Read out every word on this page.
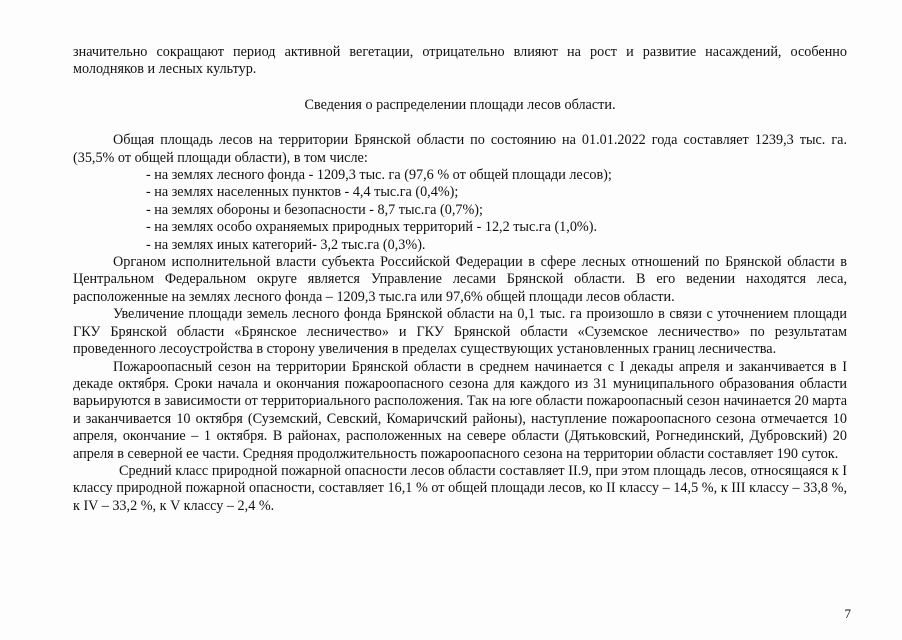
значительно сокращают период активной вегетации, отрицательно влияют на рост и развитие насаждений, особенно молодняков и лесных культур.

Сведения о распределении площади лесов области.

Общая площадь лесов на территории Брянской области по состоянию на 01.01.2022 года составляет 1239,3 тыс. га.(35,5% от общей площади области), в том числе:

- на землях лесного фонда - 1209,3 тыс. га (97,6 % от общей площади лесов);

- на землях населенных пунктов - 4,4 тыс.га (0,4%);

- на землях обороны и безопасности - 8,7 тыс.га (0,7%);

- на землях особо охраняемых природных территорий - 12,2 тыс.га (1,0%).

- на землях иных категорий- 3,2 тыс.га (0,3%).

Органом исполнительной власти субъекта Российской Федерации в сфере лесных отношений по Брянской области в Центральном Федеральном округе является Управление лесами Брянской области. В его ведении находятся леса, расположенные на землях лесного фонда – 1209,3 тыс.га или 97,6% общей площади лесов области.

Увеличение площади земель лесного фонда Брянской области на 0,1 тыс. га произошло в связи с уточнением площади ГКУ Брянской области «Брянское лесничество» и ГКУ Брянской области «Суземское лесничество» по результатам проведенного лесоустройства в сторону увеличения в пределах существующих установленных границ лесничества.

Пожароопасный сезон на территории Брянской области в среднем начинается с I декады апреля и заканчивается в I декаде октября. Сроки начала и окончания пожароопасного сезона для каждого из 31 муниципального образования области варьируются в зависимости от территориального расположения. Так на юге области пожароопасный сезон начинается 20 марта и заканчивается 10 октября (Суземский, Севский, Комаричский районы), наступление пожароопасного сезона отмечается 10 апреля, окончание – 1 октября. В районах, расположенных на севере области (Дятьковский, Рогнединский, Дубровский) 20 апреля в северной ее части. Средняя продолжительность пожароопасного сезона на территории области составляет 190 суток.

Средний класс природной пожарной опасности лесов области составляет II.9, при этом площадь лесов, относящаяся к I классу природной пожарной опасности, составляет 16,1 % от общей площади лесов, ко II классу – 14,5 %, к III классу – 33,8 %, к IV – 33,2 %, к V классу – 2,4 %.

7
